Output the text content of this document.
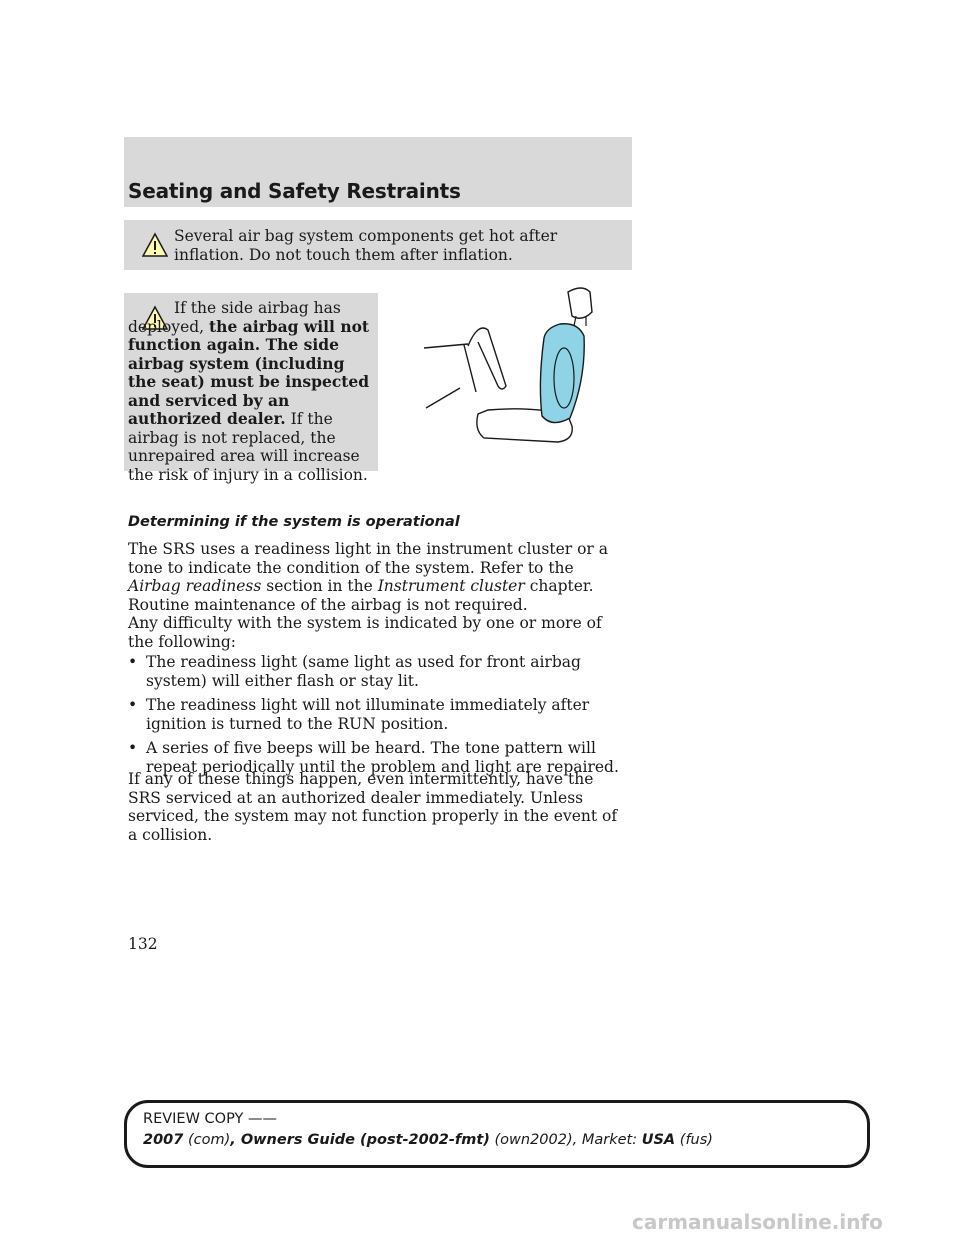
Seating and Safety Restraints
Several air bag system components get hot after inflation. Do not touch them after inflation.
If the side airbag has deployed, the airbag will not function again. The side airbag system (including the seat) must be inspected and serviced by an authorized dealer. If the airbag is not replaced, the unrepaired area will increase the risk of injury in a collision.
Determining if the system is operational
The SRS uses a readiness light in the instrument cluster or a tone to indicate the condition of the system. Refer to the Airbag readiness section in the Instrument cluster chapter. Routine maintenance of the airbag is not required.
Any difficulty with the system is indicated by one or more of the following:
• The readiness light (same light as used for front airbag system) will either flash or stay lit.
• The readiness light will not illuminate immediately after ignition is turned to the RUN position.
• A series of five beeps will be heard. The tone pattern will repeat periodically until the problem and light are repaired.
If any of these things happen, even intermittently, have the SRS serviced at an authorized dealer immediately. Unless serviced, the system may not function properly in the event of a collision.
132
REVIEW COPY ——
2007 (com), Owners Guide (post-2002-fmt) (own2002), Market: USA (fus)
carmanualsonline.info
